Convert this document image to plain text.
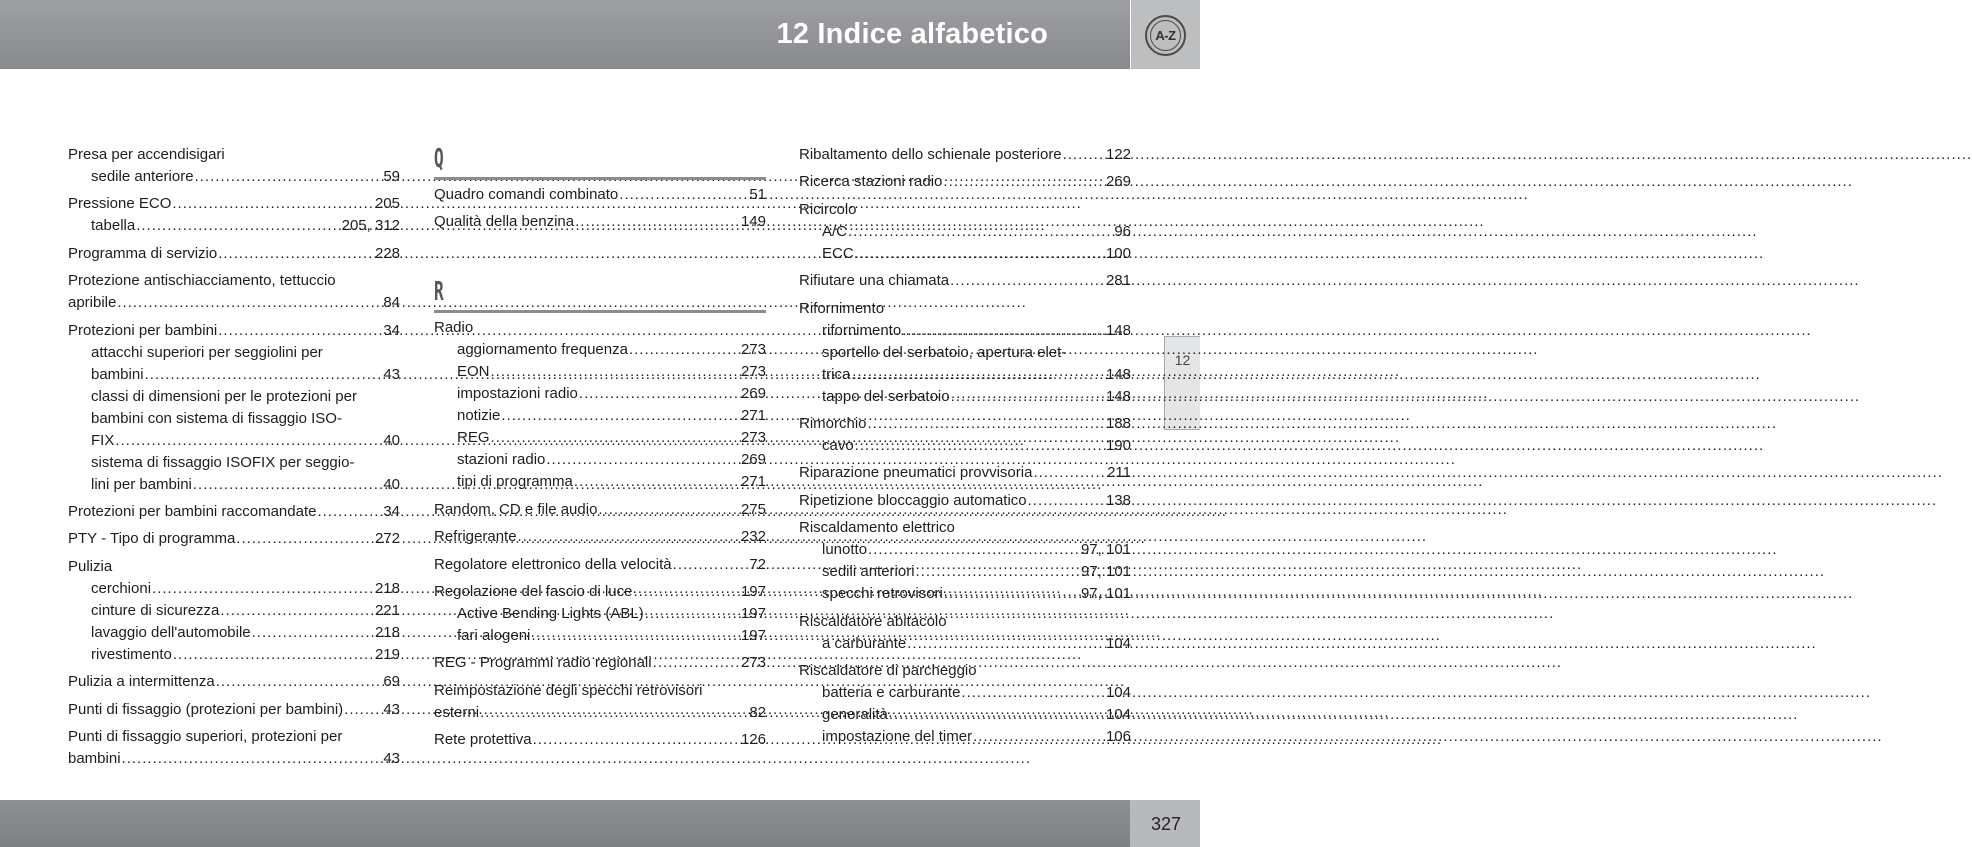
12 Indice alfabetico	A-Z
12
Presa per accendisigari
sedile anteriore .....	59
Pressione ECO .....	205
tabella .....	205, 312
Programma di servizio .....	228
Protezione antischiacciamento, tettuccio
apribile .....	84
Protezioni per bambini .....	34
attacchi superiori per seggiolini per
bambini .....	43
classi di dimensioni per le protezioni per
bambini con sistema di fissaggio ISO-
FIX .....	40
sistema di fissaggio ISOFIX per seggio-
lini per bambini .....	40
Protezioni per bambini raccomandate .....	34
PTY - Tipo di programma .....	272
Pulizia
cerchioni .....	218
cinture di sicurezza .....	221
lavaggio dell'automobile .....	218
rivestimento .....	219
Pulizia a intermittenza .....	69
Punti di fissaggio (protezioni per bambini) .....	43
Punti di fissaggio superiori, protezioni per
bambini .....	43
Q
Quadro comandi combinato .....	51
Qualità della benzina .....	149
R
Radio
aggiornamento frequenza .....	273
EON .....	273
impostazioni radio .....	269
notizie .....	271
REG .....	273
stazioni radio .....	269
tipi di programma .....	271
Random, CD e file audio .....	275
Refrigerante .....	232
Regolatore elettronico della velocità .....	72
Regolazione del fascio di luce .....	197
Active Bending Lights (ABL) .....	197
fari alogeni .....	197
REG - Programmi radio regionali .....	273
Reimpostazione degli specchi retrovisori
esterni .....	82
Rete protettiva .....	126
Ribaltamento dello schienale posteriore .....	122
Ricerca stazioni radio .....	269
Ricircolo
A/C .....	96
ECC .....	100
Rifiutare una chiamata .....	281
Rifornimento
rifornimento .....	148
sportello del serbatoio, apertura elet-
trica .....	148
tappo del serbatoio .....	148
Rimorchio .....	188
cavo .....	190
Riparazione pneumatici provvisoria .....	211
Ripetizione bloccaggio automatico .....	138
Riscaldamento elettrico
lunotto .....	97, 101
sedili anteriori .....	97, 101
specchi retrovisori .....	97, 101
Riscaldatore abitacolo
a carburante .....	104
Riscaldatore di parcheggio
batteria e carburante .....	104
generalità .....	104
impostazione del timer .....	106
327
